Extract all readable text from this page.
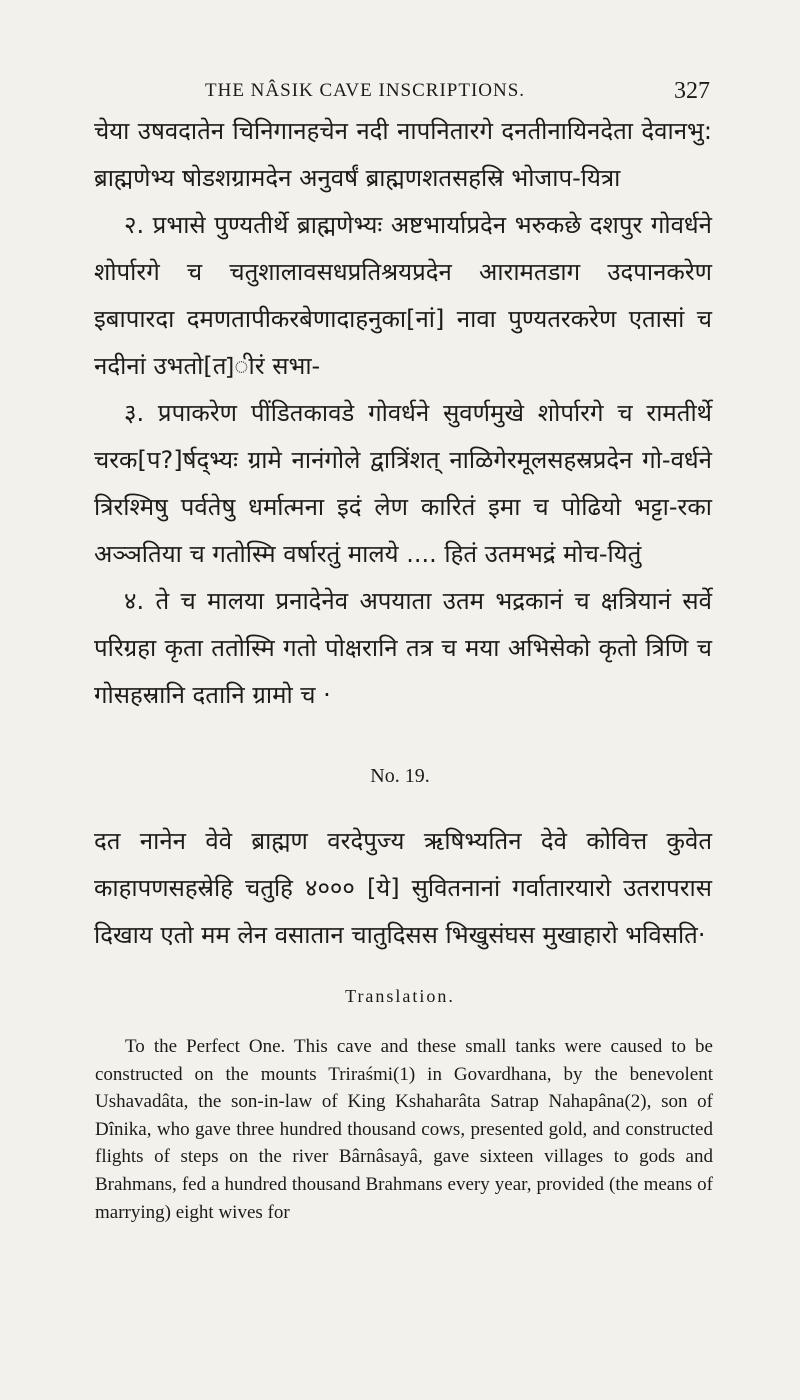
THE NÂSIK CAVE INSCRIPTIONS.	327

चेया उषवदातेन चिनिगानहचेन नदी नापनितारगे दनतीनायिनदेता देवानभु: ब्राह्मणेभ्य षोडशग्रामदेन अनुवर्षं ब्राह्मणशतसहस्रि भोजाप-यित्रा

२. प्रभासे पुण्यतीर्थे ब्राह्मणेभ्यः अष्टभार्याप्रदेन भरुकछे दशपुर गोवर्धने शोर्पारगे च चतुशालावसधप्रतिश्रयप्रदेन आरामतडाग उदपानकरेण इबापारदा दमणतापीकरबेणादाहनुका[नां] नावा पुण्यतरकरेण एतासां च नदीनां उभतो[त]ीरं सभा-

३. प्रपाकरेण पींडितकावडे गोवर्धने सुवर्णमुखे शोर्पारगे च रामतीर्थे चरक[प?]र्षद्भ्यः ग्रामे नानंगोले द्वात्रिंशत् नाळिगेरमूलसहस्रप्रदेन गो-वर्धने त्रिरश्मिषु पर्वतेषु धर्मात्मना इदं लेण कारितं इमा च पोढियो भट्टा-रका अञ्ञतिया च गतोस्मि वर्षारतुं मालये .... हितं उतमभद्रं मोच-यितुं

४. ते च मालया प्रनादेनेव अपयाता उतम भद्रकानं च क्षत्रियानं सर्वे परिग्रहा कृता ततोस्मि गतो पोक्षरानि तत्र च मया अभिसेको कृतो त्रिणि च गोसहस्रानि दतानि ग्रामो च ·

No. 19.

दत नानेन वेवे ब्राह्मण वरदेपुज्य ऋषिभ्यतिन देवे कोवित्त कुवेत काहापणसहस्रेहि चतुहि ४००० [ये] सुवितनानां गर्वातारयारो उतरापरास दिखाय एतो मम लेन वसातान चातुदिसस भिखुसंघस मुखाहारो भविसति·

Translation.

To the Perfect One. This cave and these small tanks were caused to be constructed on the mounts Triraśmi(1) in Govardhana, by the benevolent Ushavadâta, the son-in-law of King Kshaharâta Satrap Nahapâna(2), son of Dînika, who gave three hundred thousand cows, presented gold, and constructed flights of steps on the river Bârnâsayâ, gave sixteen villages to gods and Brahmans, fed a hundred thousand Brahmans every year, provided (the means of marrying) eight wives for
